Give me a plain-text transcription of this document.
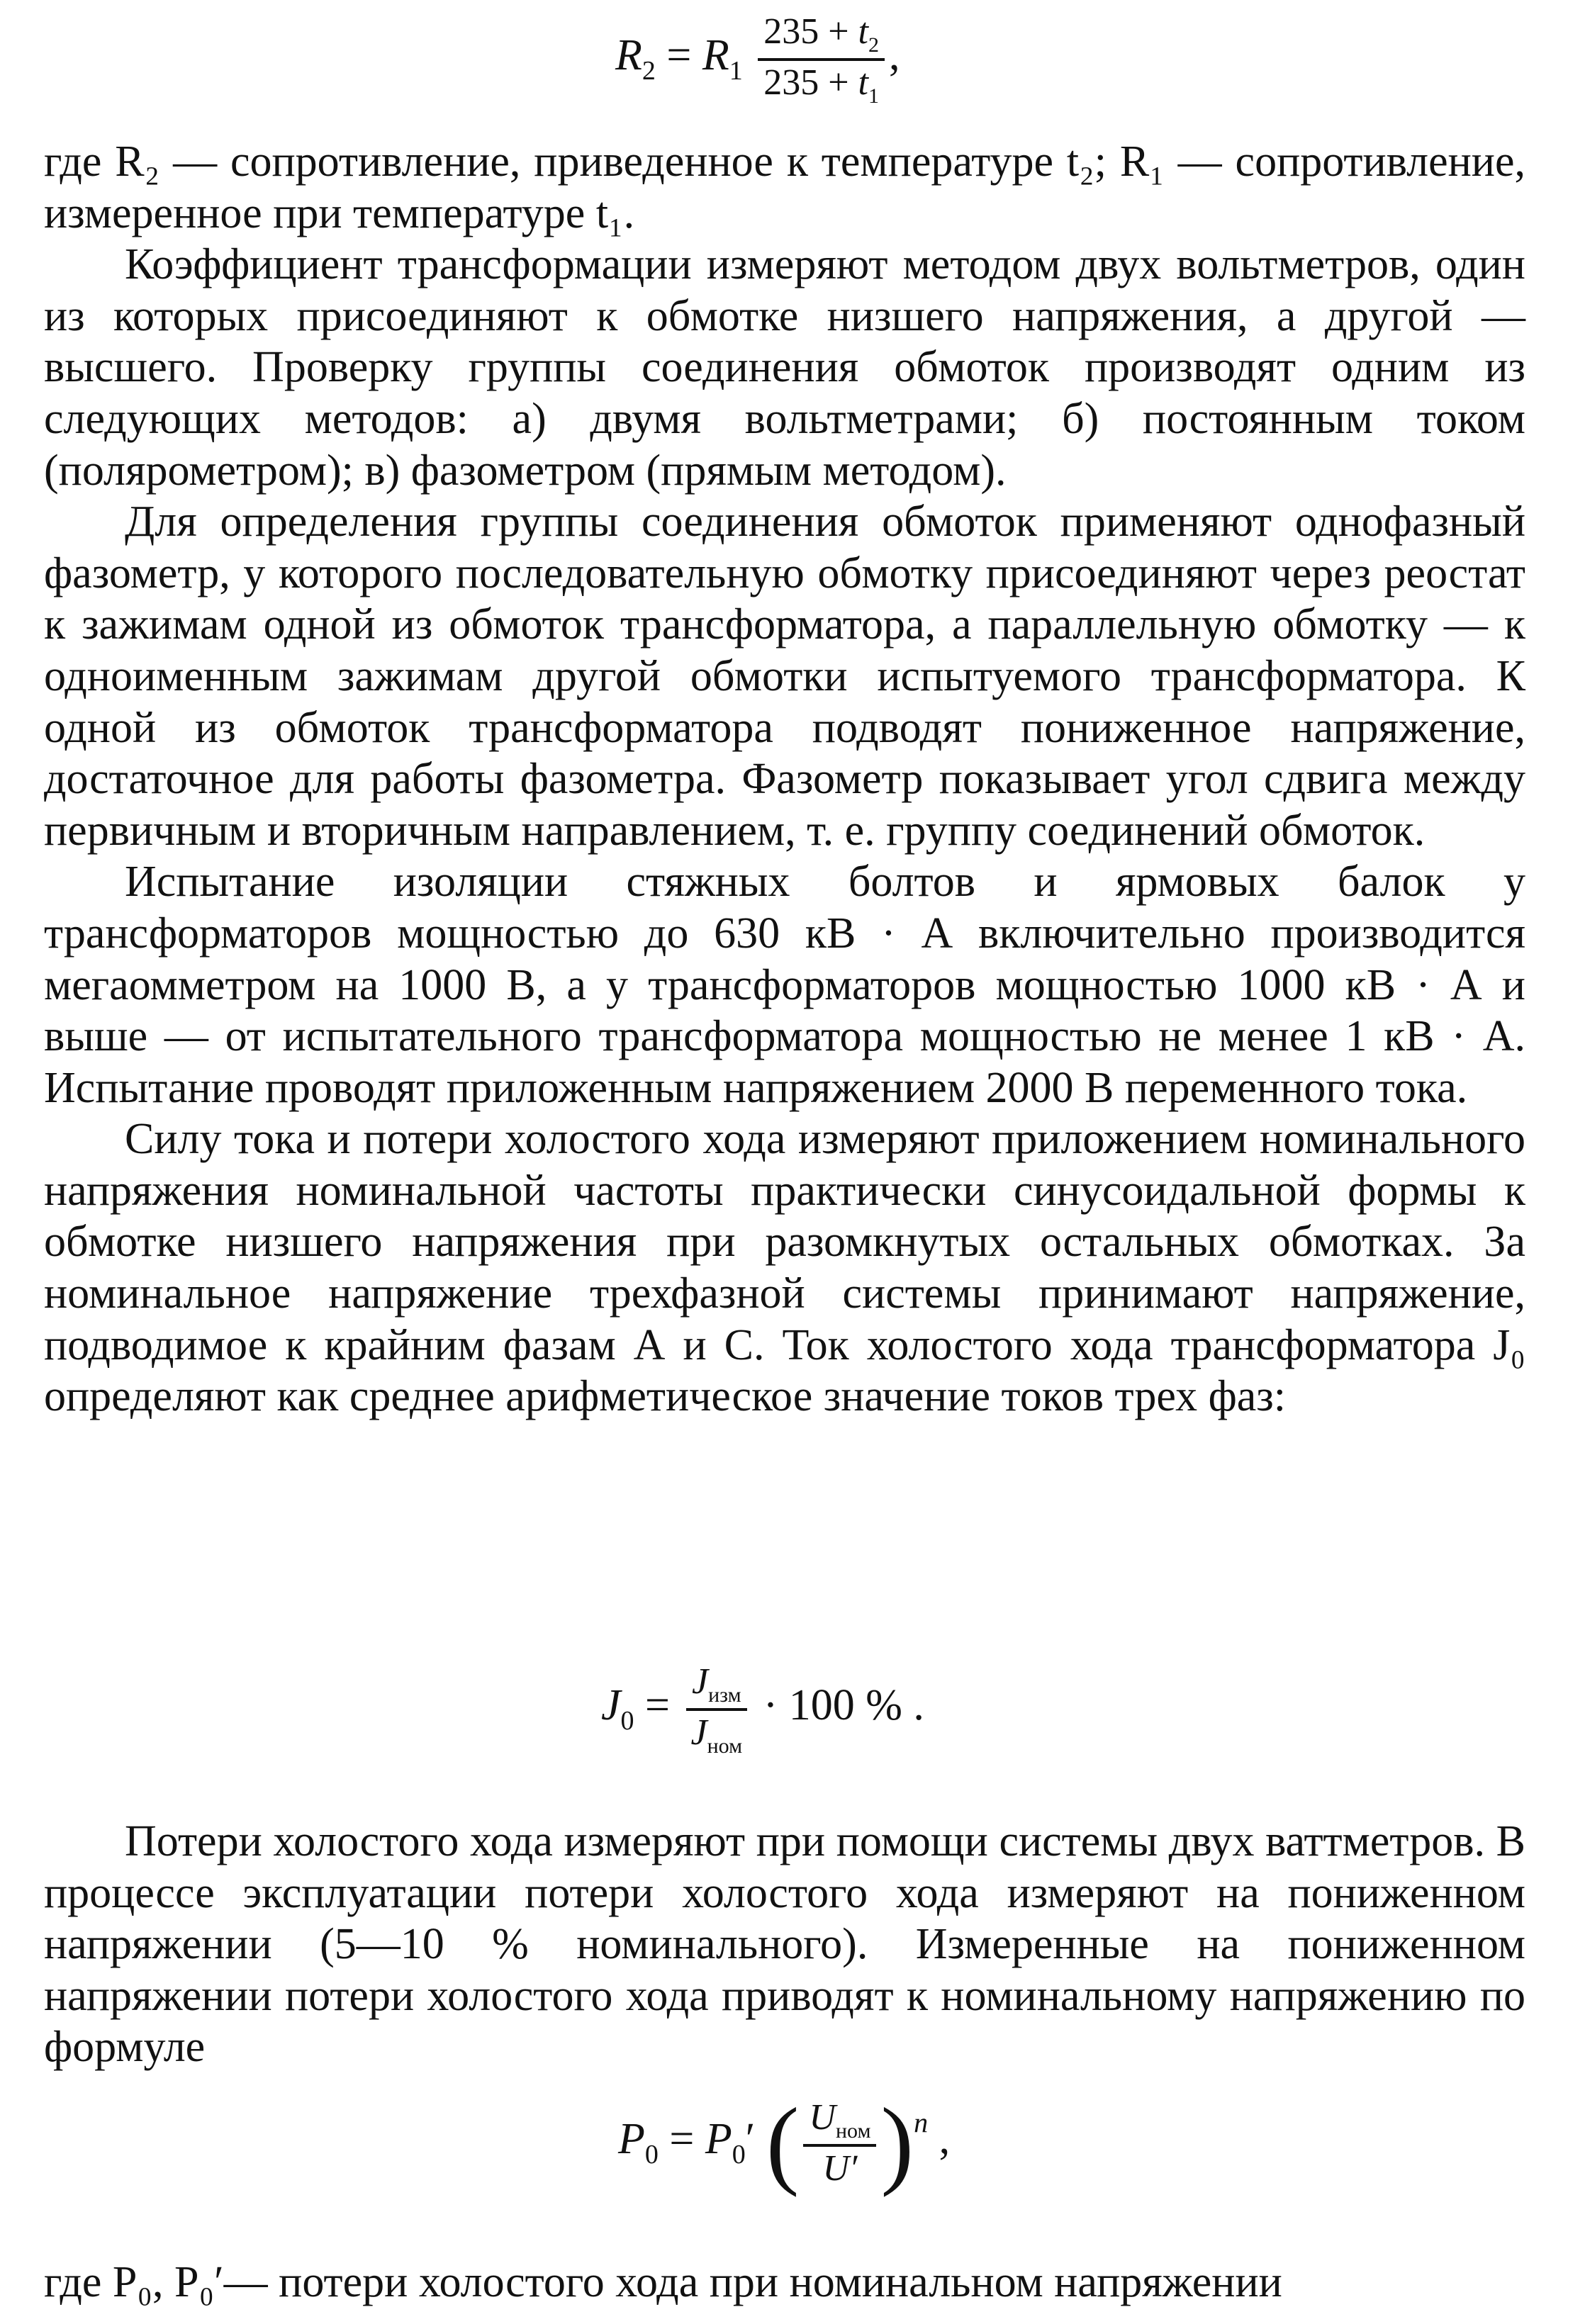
$R_2 = R_1 \frac{235 + t_2}{235 + t_1}$ ,

где R₂ — сопротивление, приведенное к температуре t₂; R₁ — сопротивление, измеренное при температуре t₁.

Коэффициент трансформации измеряют методом двух вольтметров, один из которых присоединяют к обмотке низшего напряжения, а другой — высшего. Проверку группы соединения обмоток производят одним из следующих методов: а) двумя вольтметрами; б) постоянным током (полярометром); в) фазометром (прямым методом).

Для определения группы соединения обмоток применяют однофазный фазометр, у которого последовательную обмотку присоединяют через реостат к зажимам одной из обмоток трансформатора, а параллельную обмотку — к одноименным зажимам другой обмотки испытуемого трансформатора. К одной из обмоток трансформатора подводят пониженное напряжение, достаточное для работы фазометра. Фазометр показывает угол сдвига между первичным и вторичным направлением, т. е. группу соединений обмоток.

Испытание изоляции стяжных болтов и ярмовых балок у трансформаторов мощностью до 630 кВ · А включительно производится мегаомметром на 1000 В, а у трансформаторов мощностью 1000 кВ · А и выше — от испытательного трансформатора мощностью не менее 1 кВ · А. Испытание проводят приложенным напряжением 2000 В переменного тока.

Силу тока и потери холостого хода измеряют приложением номинального напряжения номинальной частоты практически синусоидальной формы к обмотке низшего напряжения при разомкнутых остальных обмотках. За номинальное напряжение трехфазной системы принимают напряжение, подводимое к крайним фазам А и С. Ток холостого хода трансформатора J₀ определяют как среднее арифметическое значение токов трех фаз:

$J_0 = \frac{J_{изм}}{J_{ном}} \cdot 100$ % .

Потери холостого хода измеряют при помощи системы двух ваттметров. В процессе эксплуатации потери холостого хода измеряют на пониженном напряжении (5—10 % номинального). Измеренные на пониженном напряжении потери холостого хода приводят к номинальному напряжению по формуле

$P_0 = P_0'$ ( $\frac{U_{ном}}{U'} )^n$ ,

где P₀, P₀′— потери холостого хода при номинальном напряжении
